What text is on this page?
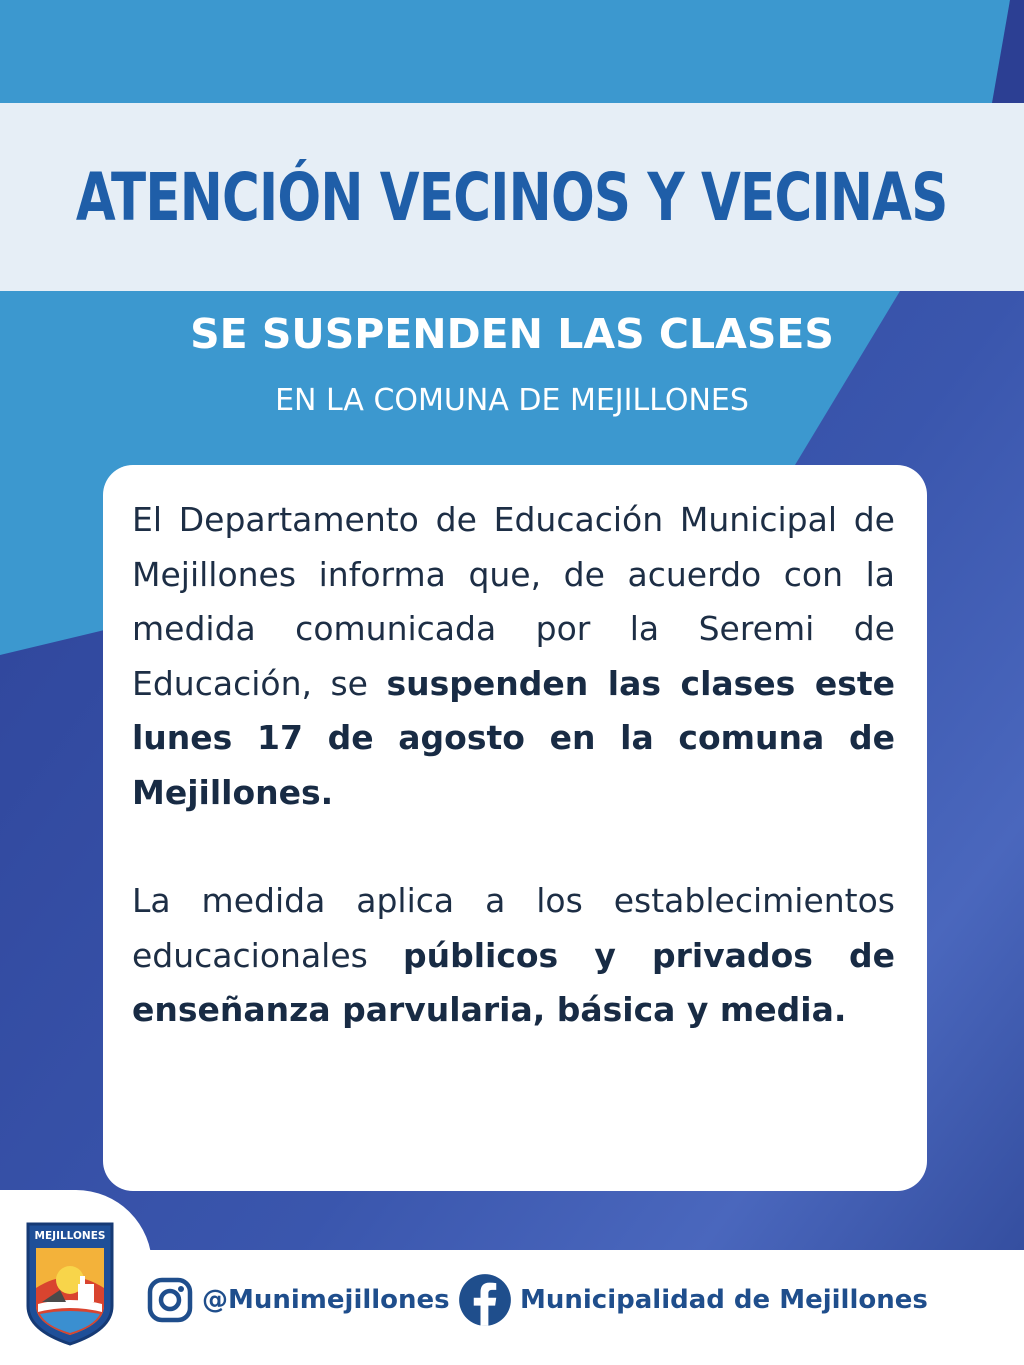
ATENCIÓN VECINOS Y VECINAS
SE SUSPENDEN LAS CLASES
EN LA COMUNA DE MEJILLONES

El Departamento de Educación Municipal de Mejillones informa que, de acuerdo con la medida comunicada por la Seremi de Educación, se suspenden las clases este lunes 17 de agosto en la comuna de Mejillones.

La medida aplica a los establecimientos educacionales públicos y privados de enseñanza parvularia, básica y media.

MEJILLONES
@Munimejillones	Municipalidad de Mejillones
